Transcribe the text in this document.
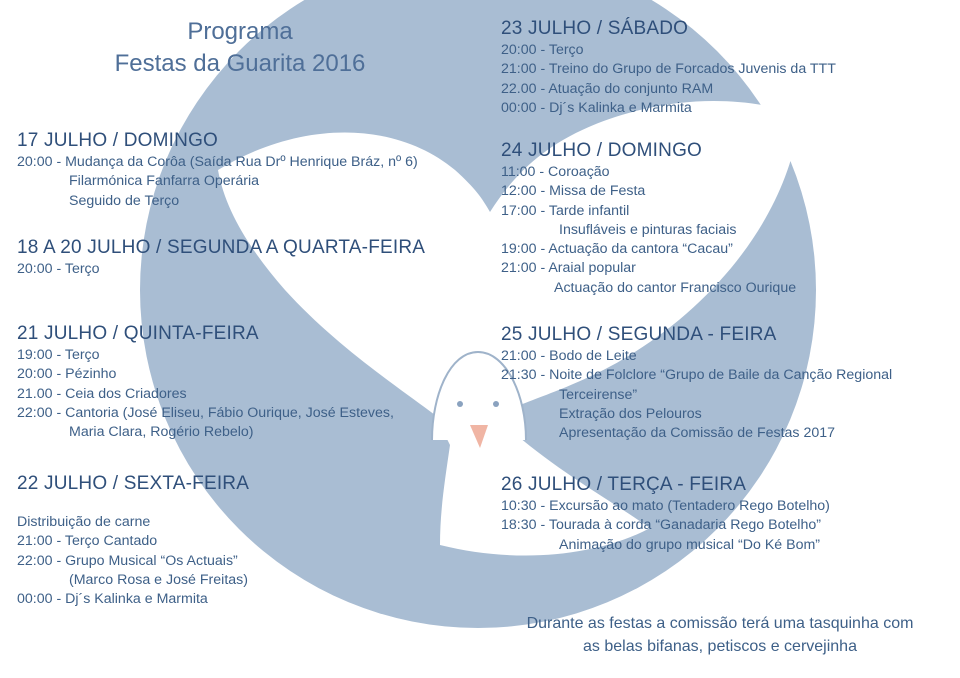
Programa
Festas da Guarita 2016
17 JULHO / DOMINGO
20:00 - Mudança da Corôa (Saída Rua Drº Henrique Bráz, nº 6)
Filarmónica Fanfarra Operária
Seguido de Terço
18 A 20 JULHO / SEGUNDA A QUARTA-FEIRA
20:00 - Terço
21 JULHO / QUINTA-FEIRA
19:00 - Terço
20:00 - Pézinho
21.00 - Ceia dos Criadores
22:00 - Cantoria (José Eliseu, Fábio Ourique, José Esteves,
Maria Clara, Rogério Rebelo)
22 JULHO / SEXTA-FEIRA
Distribuição de carne
21:00 - Terço Cantado
22:00 - Grupo Musical “Os Actuais”
(Marco Rosa e José Freitas)
00:00 - Dj´s Kalinka e Marmita
23 JULHO / SÁBADO
20:00 - Terço
21:00 - Treino do Grupo de Forcados Juvenis da TTT
22.00 - Atuação do conjunto RAM
00:00 - Dj´s Kalinka e Marmita
24 JULHO / DOMINGO
11:00 - Coroação
12:00 - Missa de Festa
17:00 - Tarde infantil
Insufláveis e pinturas faciais
19:00 - Actuação da cantora “Cacau”
21:00 - Araial popular
Actuação do cantor Francisco Ourique
25 JULHO / SEGUNDA - FEIRA
21:00 - Bodo de Leite
21:30 - Noite de Folclore “Grupo de Baile da Canção Regional
Terceirense”
Extração dos Pelouros
Apresentação da Comissão de Festas 2017
26 JULHO / TERÇA - FEIRA
10:30 - Excursão ao mato (Tentadero Rego Botelho)
18:30 - Tourada à corda “Ganadaria Rego Botelho”
Animação do grupo musical “Do Ké Bom”
Durante as festas a comissão terá uma tasquinha com
as belas bifanas, petiscos e cervejinha
